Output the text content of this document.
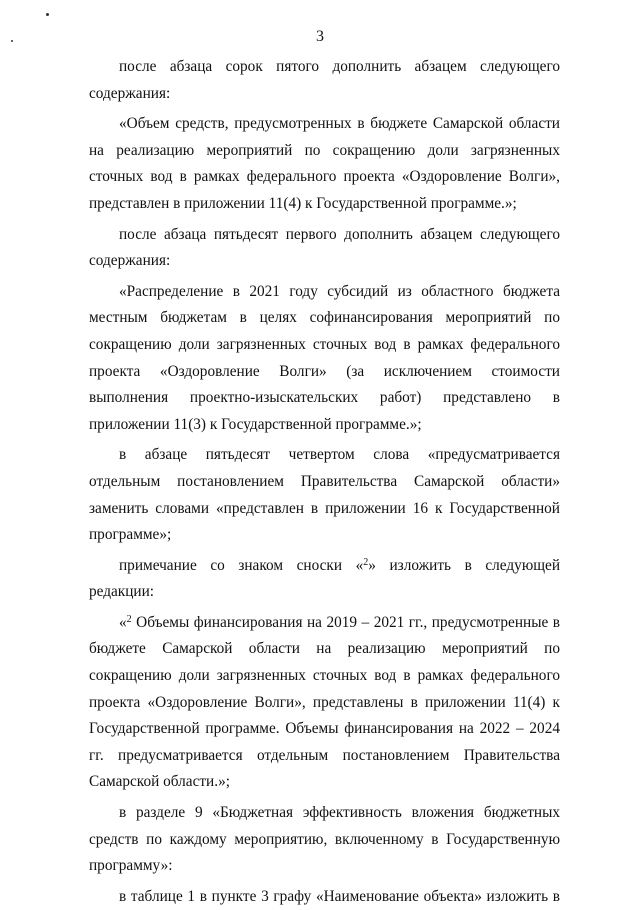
3

после абзаца сорок пятого дополнить абзацем следующего содержания:

«Объем средств, предусмотренных в бюджете Самарской области на реализацию мероприятий по сокращению доли загрязненных сточных вод в рамках федерального проекта «Оздоровление Волги», представлен в приложении 11(4) к Государственной программе.»;

после абзаца пятьдесят первого дополнить абзацем следующего содержания:

«Распределение в 2021 году субсидий из областного бюджета местным бюджетам в целях софинансирования мероприятий по сокращению доли загрязненных сточных вод в рамках федерального проекта «Оздоровление Волги» (за исключением стоимости выполнения проектно-изыскательских работ) представлено в приложении 11(3) к Государственной программе.»;

в абзаце пятьдесят четвертом слова «предусматривается отдельным постановлением Правительства Самарской области» заменить словами «представлен в приложении 16 к Государственной программе»;

примечание со знаком сноски «$^2$» изложить в следующей редакции:

«$^2$ Объемы финансирования на 2019 – 2021 гг., предусмотренные в бюджете Самарской области на реализацию мероприятий по сокращению доли загрязненных сточных вод в рамках федерального проекта «Оздоровление Волги», представлены в приложении 11(4) к Государственной программе. Объемы финансирования на 2022 – 2024 гг. предусматривается отдельным постановлением Правительства Самарской области.»;

в разделе 9 «Бюджетная эффективность вложения бюджетных средств по каждому мероприятию, включенному в Государственную программу»:

в таблице 1 в пункте 3 графу «Наименование объекта» изложить в
